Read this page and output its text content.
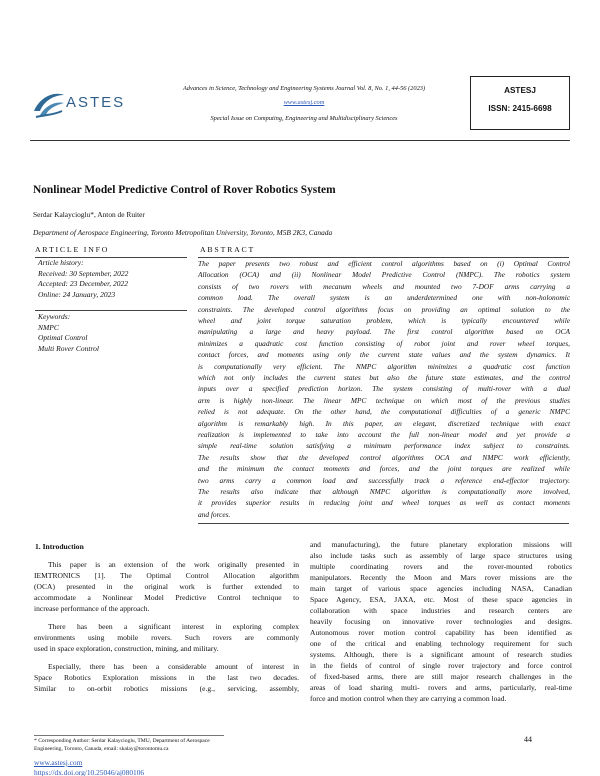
ASTES
Advances in Science, Technology and Engineering Systems Journal Vol. 8, No. 1, 44-56 (2023)
www.astesj.com
Special Issue on Computing, Engineering and Multidisciplinary Sciences
ASTESJ
ISSN: 2415-6698
Nonlinear Model Predictive Control of Rover Robotics System
Serdar Kalaycioglu*, Anton de Ruiter
Department of Aerospace Engineering, Toronto Metropolitan University, Toronto, M5B 2K3, Canada
ARTICLE INFO	ABSTRACT
Article history:
Received: 30 September, 2022
Accepted: 23 December, 2022
Online: 24 January, 2023
Keywords:
NMPC
Optimal Control
Multi Rover Control
The paper presents two robust and efficient control algorithms based on (i) Optimal Control
Allocation (OCA) and (ii) Nonlinear Model Predictive Control (NMPC). The robotics system
consists of two rovers with mecanum wheels and mounted two 7-DOF arms carrying a
common load. The overall system is an underdetermined one with non-holonomic
constraints. The developed control algorithms focus on providing an optimal solution to the
wheel and joint torque saturation problem, which is typically encountered while
manipulating a large and heavy payload. The first control algorithm based on OCA
minimizes a quadratic cost function consisting of robot joint and rover wheel torques,
contact forces, and moments using only the current state values and the system dynamics. It
is computationally very efficient. The NMPC algorithm minimizes a quadratic cost function
which not only includes the current states but also the future state estimates, and the control
inputs over a specified prediction horizon. The system consisting of multi-rover with a dual
arm is highly non-linear. The linear MPC technique on which most of the previous studies
relied is not adequate. On the other hand, the computational difficulties of a generic NMPC
algorithm is remarkably high. In this paper, an elegant, discretized technique with exact
realization is implemented to take into account the full non-linear model and yet provide a
simple real-time solution satisfying a minimum performance index subject to constraints.
The results show that the developed control algorithms OCA and NMPC work efficiently,
and the minimum the contact moments and forces, and the joint torques are realized while
two arms carry a common load and successfully track a reference end-effector trajectory.
The results also indicate that although NMPC algorithm is computationally more involved,
it provides superior results in reducing joint and wheel torques as well as contact moments
and forces.
1. Introduction
This paper is an extension of the work originally presented in
IEMTRONICS [1]. The Optimal Control Allocation algorithm
(OCA) presented in the original work is further extended to
accommodate a Nonlinear Model Predictive Control technique to
increase performance of the approach.
There has been a significant interest in exploring complex
environments using mobile rovers. Such rovers are commonly
used in space exploration, construction, mining, and military.
Especially, there has been a considerable amount of interest in
Space Robotics Exploration missions in the last two decades.
Similar to on-orbit robotics missions (e.g., servicing, assembly,
and manufacturing), the future planetary exploration missions will
also include tasks such as assembly of large space structures using
multiple coordinating rovers and the rover-mounted robotics
manipulators. Recently the Moon and Mars rover missions are the
main target of various space agencies including NASA, Canadian
Space Agency, ESA, JAXA, etc. Most of these space agencies in
collaboration with space industries and research centers are
heavily focusing on innovative rover technologies and designs.
Autonomous rover motion control capability has been identified as
one of the critical and enabling technology requirement for such
systems. Although, there is a significant amount of research studies
in the fields of control of single rover trajectory and force control
of fixed-based arms, there are still major research challenges in the
areas of load sharing multi- rovers and arms, particularly, real-time
force and motion control when they are carrying a common load.
* Corresponding Author: Serdar Kalaycioglu, TMU, Department of Aerospace
Engineering, Toronto, Canada, email: skalay@torontomu.ca
www.astesj.com
https://dx.doi.org/10.25046/aj080106
44
